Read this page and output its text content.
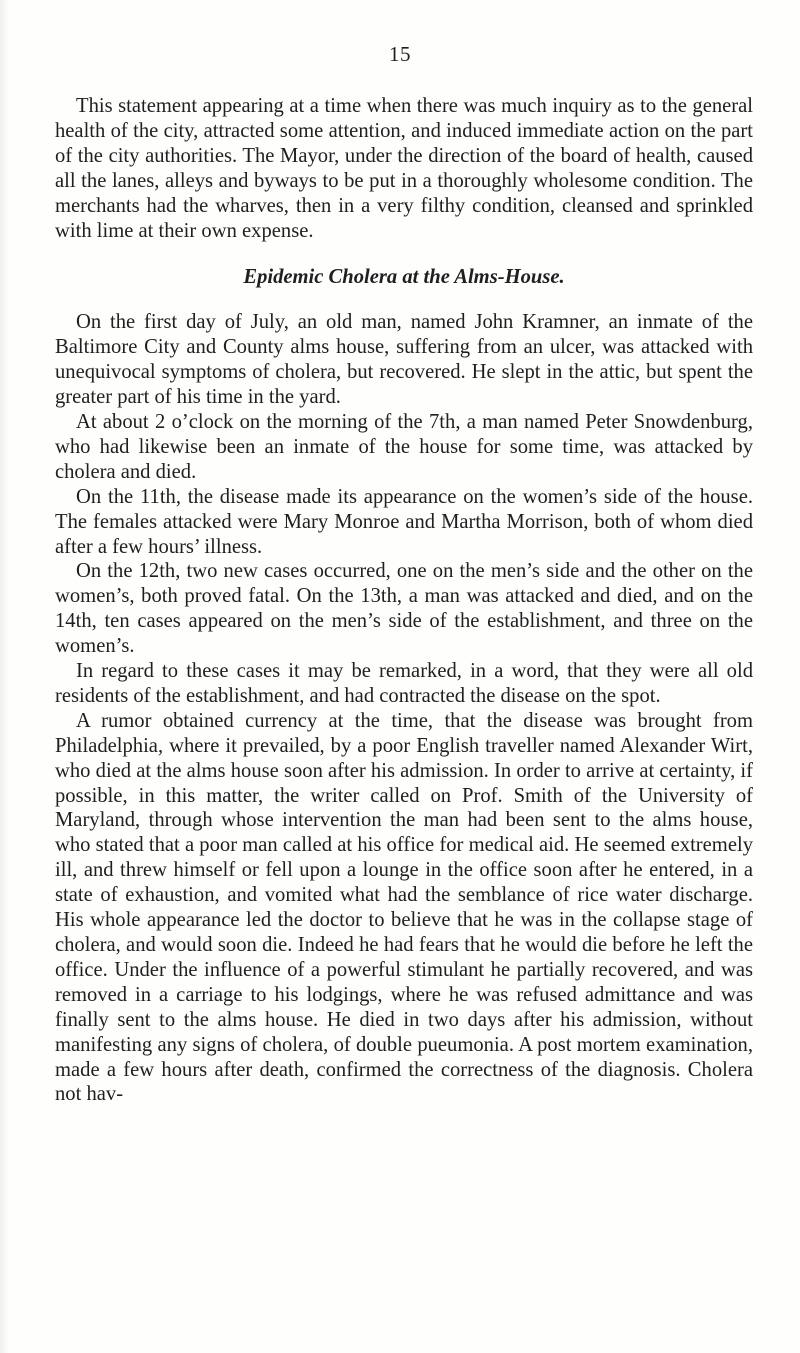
15

This statement appearing at a time when there was much inquiry as to the general health of the city, attracted some attention, and induced immediate action on the part of the city authorities. The Mayor, under the direction of the board of health, caused all the lanes, alleys and byways to be put in a thoroughly wholesome condition. The merchants had the wharves, then in a very filthy condition, cleansed and sprinkled with lime at their own expense.

Epidemic Cholera at the Alms-House.

On the first day of July, an old man, named John Kramner, an inmate of the Baltimore City and County alms house, suffering from an ulcer, was attacked with unequivocal symptoms of cholera, but recovered. He slept in the attic, but spent the greater part of his time in the yard.

At about 2 o’clock on the morning of the 7th, a man named Peter Snowdenburg, who had likewise been an inmate of the house for some time, was attacked by cholera and died.

On the 11th, the disease made its appearance on the women’s side of the house. The females attacked were Mary Monroe and Martha Morrison, both of whom died after a few hours’ illness.

On the 12th, two new cases occurred, one on the men’s side and the other on the women’s, both proved fatal. On the 13th, a man was attacked and died, and on the 14th, ten cases appeared on the men’s side of the establishment, and three on the women’s.

In regard to these cases it may be remarked, in a word, that they were all old residents of the establishment, and had contracted the disease on the spot.

A rumor obtained currency at the time, that the disease was brought from Philadelphia, where it prevailed, by a poor English traveller named Alexander Wirt, who died at the alms house soon after his admission. In order to arrive at certainty, if possible, in this matter, the writer called on Prof. Smith of the University of Maryland, through whose intervention the man had been sent to the alms house, who stated that a poor man called at his office for medical aid. He seemed extremely ill, and threw himself or fell upon a lounge in the office soon after he entered, in a state of exhaustion, and vomited what had the semblance of rice water discharge. His whole appearance led the doctor to believe that he was in the collapse stage of cholera, and would soon die. Indeed he had fears that he would die before he left the office. Under the influence of a powerful stimulant he partially recovered, and was removed in a carriage to his lodgings, where he was refused admittance and was finally sent to the alms house. He died in two days after his admission, without manifesting any signs of cholera, of double pueumonia. A post mortem examination, made a few hours after death, confirmed the correctness of the diagnosis. Cholera not hav-
